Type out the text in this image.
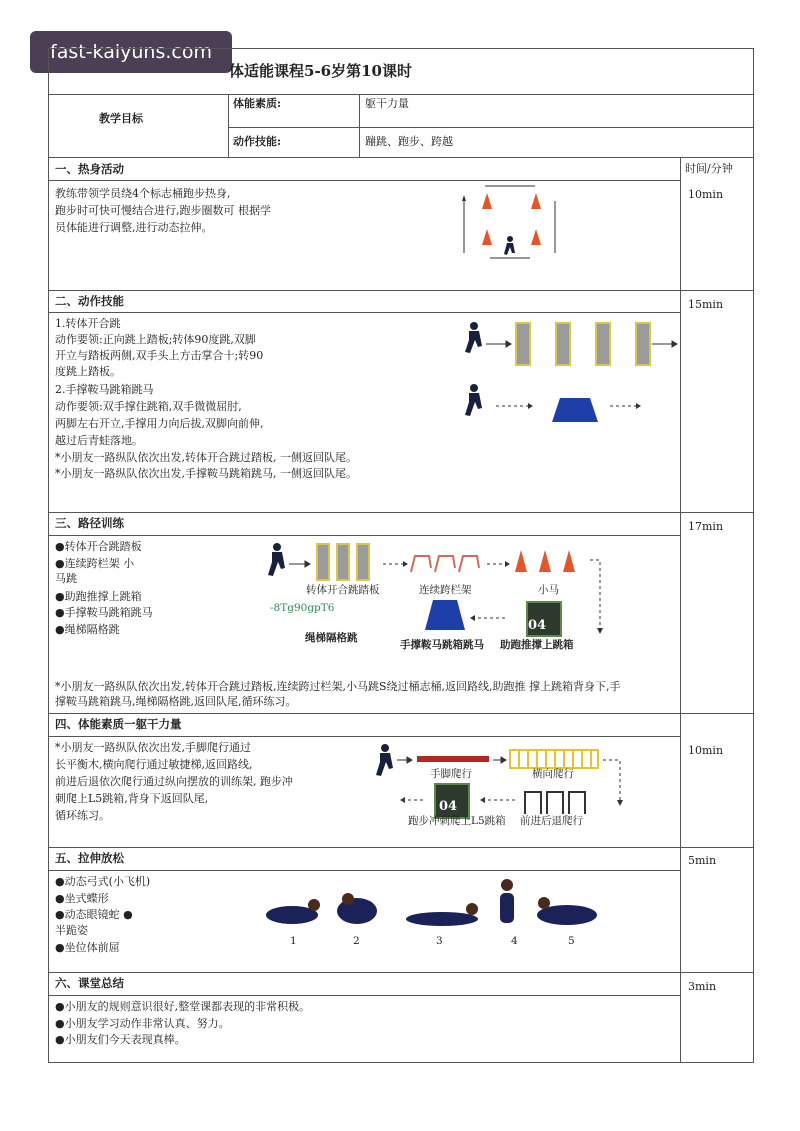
fast-kaiyuns.com
体适能课程5-6岁第10课时
教学目标
体能素质:	躯干力量
动作技能:	蹦跳、跑步、跨越
时间/分钟
一、热身活动
10min
教练带领学员绕4个标志桶跑步热身,
跑步时可快可慢结合进行,跑步圈数可 根据学
员体能进行调整,进行动态拉伸。
二、动作技能	15min
1.转体开合跳
动作要领:正向跳上踏板;转体90度跳,双脚
开立与踏板两侧,双手头上方击掌合十;转90
度跳上踏板。
2.手撑鞍马跳箱跳马
动作要领:双手撑住跳箱,双手微微屈肘,
两脚左右开立,手撑用力向后拔,双脚向前伸,
越过后青蛙落地。
*小朋友一路纵队依次出发,转体开合跳过踏板, 一侧返回队尾。
*小朋友一路纵队依次出发,手撑鞍马跳箱跳马, 一侧返回队尾。
三、路径训练	17min
●转体开合跳踏板
●连续跨栏架 小
马跳
●助跑推撑上跳箱
●手撑鞍马跳箱跳马
●绳梯隔格跳
转体开合跳踏板	连续跨栏架	小马
-8Tg90gpT6
绳梯隔格跳
手撑鞍马跳箱跳马 助跑推撑上跳箱
04
*小朋友一路纵队依次出发,转体开合跳过踏板,连续跨过栏架,小马跳S绕过桶志桶,返回路线,助跑推 撑上跳箱背身下,手
撑鞍马跳箱跳马,绳梯隔格跳,返回队尾,循环练习。
四、体能素质一躯干力量
10min
*小朋友一路纵队依次出发,手脚爬行通过
长平衡木,横向爬行通过敏捷梯,返回路线,
前进后退依次爬行通过纵向摆放的训练架, 跑步冲
刺爬上L5跳箱,背身下返回队尾,
循环练习。
手脚爬行	横向爬行
跑步冲刺爬上L5跳箱 前进后退爬行
04
五、拉伸放松	5min
●动态弓式(小飞机)
●坐式蝶形
●动态眼镜蛇 ●
半跪姿
●坐位体前屈	1	2	3	4	5
六、课堂总结	3min
●小朋友的规则意识很好,整堂课都表现的非常积极。
●小朋友学习动作非常认真、努力。
●小朋友们今天表现真棒。
